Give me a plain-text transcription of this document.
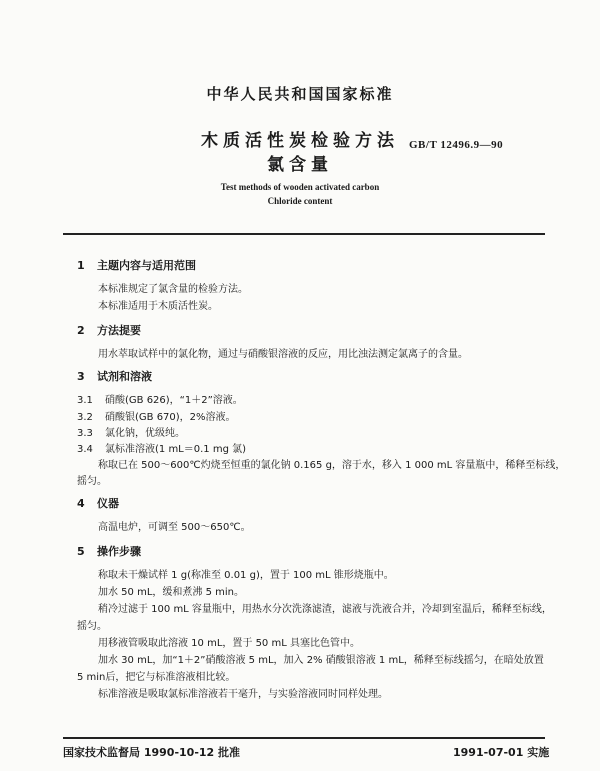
中华人民共和国国家标准
木质活性炭检验方法
氯含量
GB/T 12496.9—90
Test methods of wooden activated carbon
Chloride content
1 主题内容与适用范围
本标准规定了氯含量的检验方法。
本标准适用于木质活性炭。
2 方法提要
用水萃取试样中的氯化物，通过与硝酸银溶液的反应，用比浊法测定氯离子的含量。
3 试剂和溶液
3.1 硝酸(GB 626)，“1＋2”溶液。
3.2 硝酸银(GB 670)，2%溶液。
3.3 氯化钠，优级纯。
3.4 氯标准溶液(1 mL＝0.1 mg 氯)
称取已在 500～600℃灼烧至恒重的氯化钠 0.165 g，溶于水，移入 1 000 mL 容量瓶中，稀释至标线，
摇匀。
4 仪器
高温电炉，可调至 500～650℃。
5 操作步骤
称取未干燥试样 1 g(称准至 0.01 g)，置于 100 mL 锥形烧瓶中。
加水 50 mL，缓和煮沸 5 min。
稍冷过滤于 100 mL 容量瓶中，用热水分次洗涤滤渣，滤液与洗液合并，冷却到室温后，稀释至标线，
摇匀。
用移液管吸取此溶液 10 mL，置于 50 mL 具塞比色管中。
加水 30 mL，加“1＋2”硝酸溶液 5 mL，加入 2% 硝酸银溶液 1 mL，稀释至标线摇匀，在暗处放置
5 min后，把它与标准溶液相比较。
标准溶液是吸取氯标准溶液若干毫升，与实验溶液同时同样处理。
国家技术监督局 1990-10-12 批准	1991-07-01 实施
